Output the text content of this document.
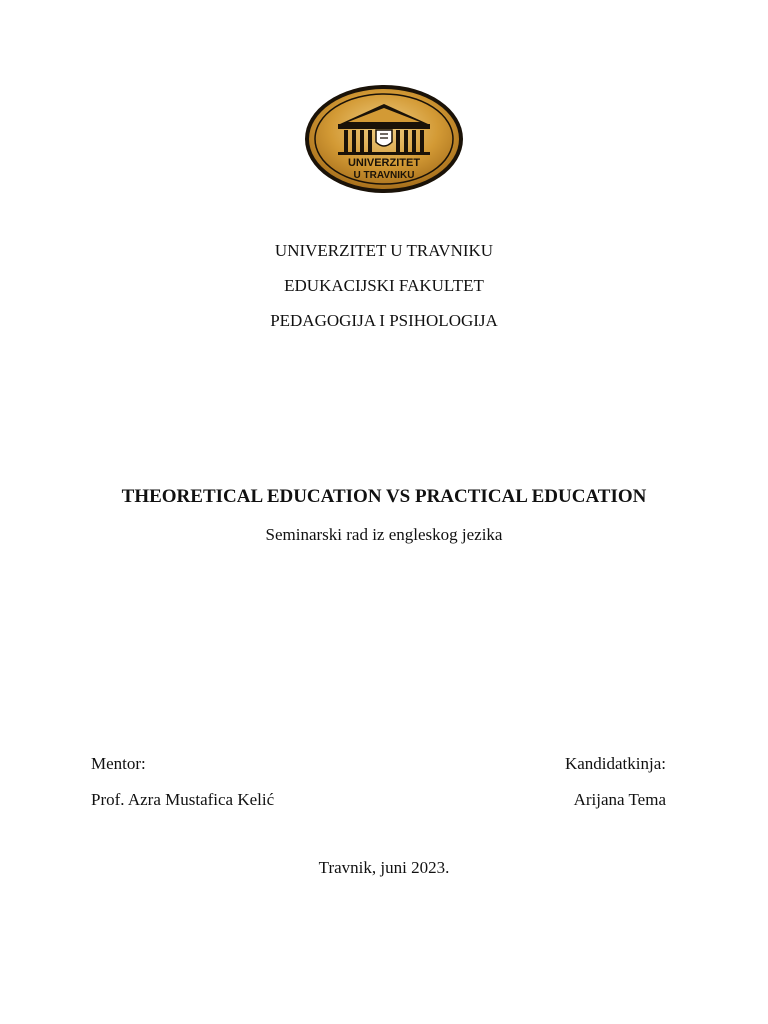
UNIVERZITET
U TRAVNIKU
UNIVERZITET U TRAVNIKU
EDUKACIJSKI FAKULTET
PEDAGOGIJA I PSIHOLOGIJA
THEORETICAL EDUCATION VS PRACTICAL EDUCATION
Seminarski rad iz engleskog jezika
Mentor:
Prof. Azra Mustafica Kelić
Kandidatkinja:
Arijana Tema
Travnik, juni 2023.
